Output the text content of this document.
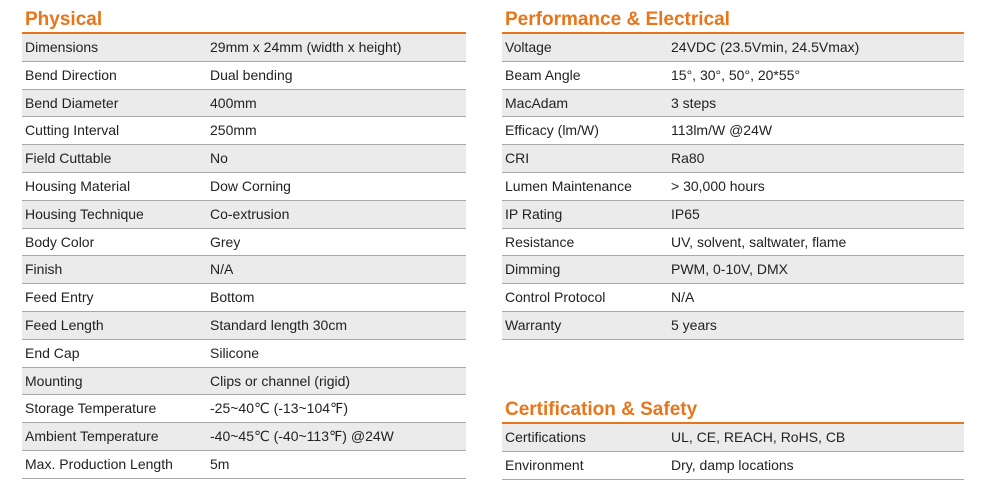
Physical
Dimensions	29mm x 24mm (width x height)
Bend Direction	Dual bending
Bend Diameter	400mm
Cutting Interval	250mm
Field Cuttable	No
Housing Material	Dow Corning
Housing Technique	Co-extrusion
Body Color	Grey
Finish	N/A
Feed Entry	Bottom
Feed Length	Standard length 30cm
End Cap	Silicone
Mounting	Clips or channel (rigid)
Storage Temperature	-25~40℃ (-13~104℉)
Ambient Temperature	-40~45℃ (-40~113℉) @24W
Max. Production Length	5m
Performance & Electrical
Voltage	24VDC (23.5Vmin, 24.5Vmax)
Beam Angle	15°, 30°, 50°, 20*55°
MacAdam	3 steps
Efficacy (lm/W)	113lm/W @24W
CRI	Ra80
Lumen Maintenance	> 30,000 hours
IP Rating	IP65
Resistance	UV, solvent, saltwater, flame
Dimming	PWM, 0-10V, DMX
Control Protocol	N/A
Warranty	5 years
Certification & Safety
Certifications	UL, CE, REACH, RoHS, CB
Environment	Dry, damp locations
